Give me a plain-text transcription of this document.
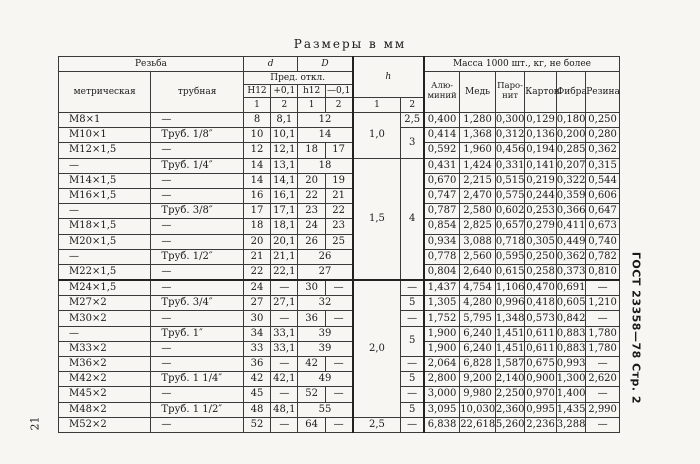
Размеры в мм
Резьба		d		D		h		Масса 1000 шт., кг, не более					
метрическая	трубная	Пред. откл.						Алю-миний	Медь	Паро-нит	Картон	Фибра	Резина
		H12	+0,1	h12	—0,1								
		1	2	1	2	1	2						
М8×1	—	8	8,1	12		1,0	2,5	0,400	1,280	0,300	0,129	0,180	0,250
М10×1	Труб. 1/8″	10	10,1	14			3	0,414	1,368	0,312	0,136	0,200	0,280
М12×1,5	—	12	12,1	18	17			0,592	1,960	0,456	0,194	0,285	0,362
—	Труб. 1/4″	14	13,1	18		1,5	4	0,431	1,424	0,331	0,141	0,207	0,315
М14×1,5	—	14	14,1	20	19			0,670	2,215	0,515	0,219	0,322	0,544
М16×1,5	—	16	16,1	22	21			0,747	2,470	0,575	0,244	0,359	0,606
—	Труб. 3/8″	17	17,1	23	22			0,787	2,580	0,602	0,253	0,366	0,647
М18×1,5	—	18	18,1	24	23			0,854	2,825	0,657	0,279	0,411	0,673
М20×1,5	—	20	20,1	26	25			0,934	3,088	0,718	0,305	0,449	0,740
—	Труб. 1/2″	21	21,1	26				0,778	2,560	0,595	0,250	0,362	0,782
М22×1,5	—	22	22,1	27				0,804	2,640	0,615	0,258	0,373	0,810
М24×1,5	—	24	—	30	—	2,0	—	1,437	4,754	1,106	0,470	0,691	—
М27×2	Труб. 3/4″	27	27,1	32			5	1,305	4,280	0,996	0,418	0,605	1,210
М30×2	—	30	—	36	—		—	1,752	5,795	1,348	0,573	0,842	—
—	Труб. 1″	34	33,1	39			5	1,900	6,240	1,451	0,611	0,883	1,780
М33×2	—	33	33,1	39				1,900	6,240	1,451	0,611	0,883	1,780
М36×2	—	36	—	42	—		—	2,064	6,828	1,587	0,675	0,993	—
М42×2	Труб. 1 1/4″	42	42,1	49			5	2,800	9,200	2,140	0,900	1,300	2,620
М45×2	—	45	—	52	—		—	3,000	9,980	2,250	0,970	1,400	—
М48×2	Труб. 1 1/2″	48	48,1	55			5	3,095	10,030	2,360	0,995	1,435	2,990
М52×2	—	52	—	64	—	2,5	—	6,838	22,618	5,260	2,236	3,288	—
ГОСТ 23358—78 Стр. 2
21
